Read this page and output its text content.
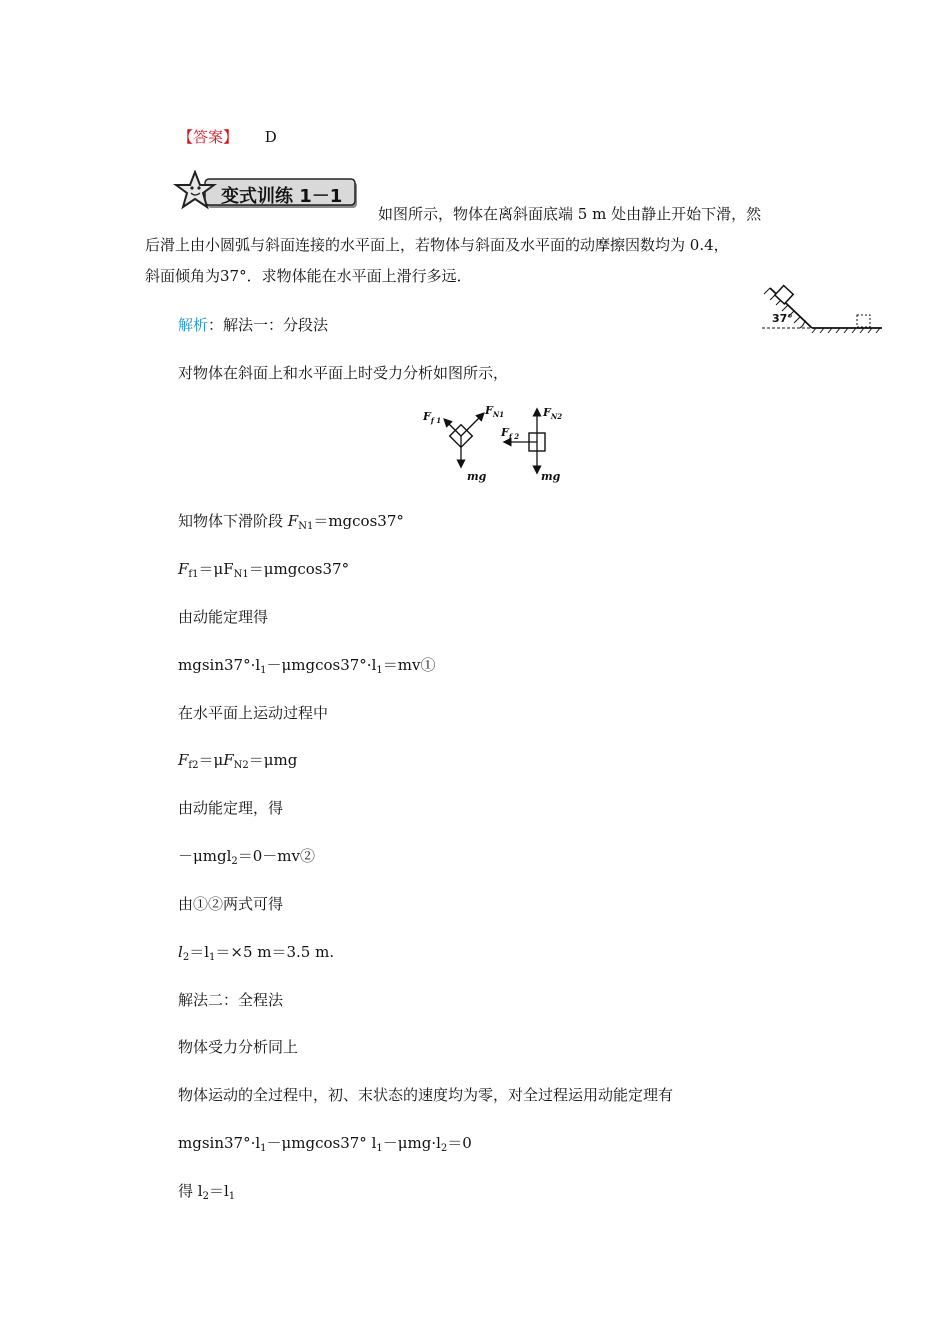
【答案】 D
变式训练 1－1
如图所示，物体在离斜面底端 5 m 处由静止开始下滑，然
后滑上由小圆弧与斜面连接的水平面上，若物体与斜面及水平面的动摩擦因数均为 0.4，
斜面倾角为37°．求物体能在水平面上滑行多远．
37°
解析：解法一：分段法
对物体在斜面上和水平面上时受力分析如图所示，
$F_{f 1}$
$F_{N1}$
mg
$F_{N2}$
$F_{f 2}$
mg
知物体下滑阶段 $F_{N1}=mgcos37^\circ$
$F_{f1}=\mu F_{N1}=\mu mgcos37^\circ$
由动能定理得
$mgsin37^\circ\cdot l_1-\mu mgcos37^\circ\cdot l_1=mv①$
在水平面上运动过程中
$F_{f2}=\mu F_{N2}=\mu mg$
由动能定理，得
－μmgl$_2$＝0－mv②
由①②两式可得
$l_2=l_1=\times 5$ m＝3.5 m.
解法二：全程法
物体受力分析同上
物体运动的全过程中，初、末状态的速度均为零，对全过程运用动能定理有
$mgsin37^\circ\cdot l_1-\mu mgcos37^\circ$ $l_1-\mu mg\cdot l_2=0$
得 $l_2=l_1$
